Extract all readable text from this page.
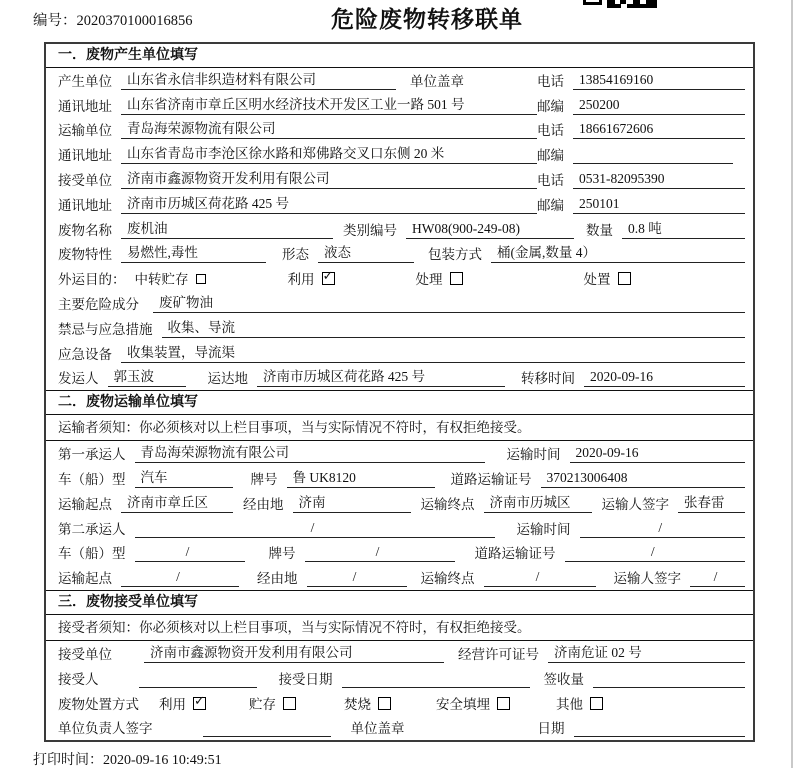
编号：2020370100016856	危险废物转移联单
一．废物产生单位填写
产生单位	山东省永信非织造材料有限公司	单位盖章	电话	13854169160
通讯地址	山东省济南市章丘区明水经济技术开发区工业一路 501 号	邮编	250200
运输单位	青岛海荣源物流有限公司	电话	18661672606
通讯地址	山东省青岛市李沧区徐水路和郑佛路交叉口东侧 20 米	邮编
接受单位	济南市鑫源物资开发利用有限公司	电话	0531-82095390
通讯地址	济南市历城区荷花路 425 号	邮编	250101
废物名称	废机油	类别编号	HW08(900-249-08)	数量	0.8 吨
废物特性	易燃性,毒性	形态	液态	包装方式	桶(金属,数量 4）
外运目的： 中转贮存	利用 ✓	处理	处置
主要危险成分	废矿物油
禁忌与应急措施	收集、导流
应急设备	收集装置，导流渠
发运人	郭玉波	运达地	济南市历城区荷花路 425 号	转移时间	2020-09-16
二．废物运输单位填写
运输者须知：你必须核对以上栏目事项，当与实际情况不符时，有权拒绝接受。
第一承运人	青岛海荣源物流有限公司	运输时间	2020-09-16
车（船）型	汽车	牌号	鲁 UK8120	道路运输证号	370213006408
运输起点	济南市章丘区	经由地	济南	运输终点	济南市历城区	运输人签字	张春雷
第二承运人	/	运输时间	/
车（船）型	/	牌号	/	道路运输证号	/
运输起点	/	经由地	/	运输终点	/	运输人签字	/
三．废物接受单位填写
接受者须知：你必须核对以上栏目事项，当与实际情况不符时，有权拒绝接受。
接受单位	济南市鑫源物资开发利用有限公司	经营许可证号	济南危证 02 号
接受人	接受日期	签收量
废物处置方式	利用 ✓	贮存	焚烧	安全填埋	其他
单位负责人签字	单位盖章	日期
打印时间：2020-09-16 10:49:51
